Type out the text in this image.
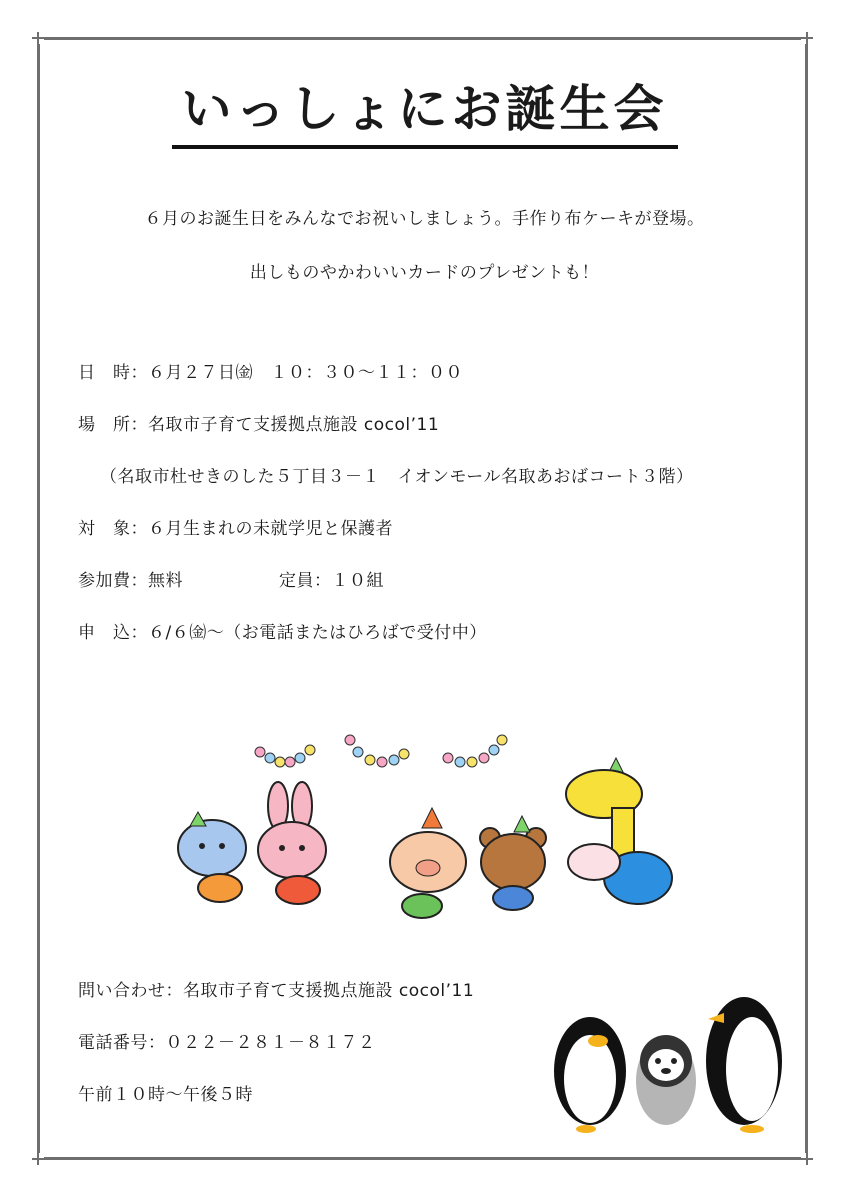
いっしょにお誕生会
６月のお誕生日をみんなでお祝いしましょう。手作り布ケーキが登場。
出しものやかわいいカードのプレゼントも！
日　時：６月２７日㈮　１０：３０～１１：００
場　所：名取市子育て支援拠点施設 cocol’11
（名取市杜せきのした５丁目３－１　イオンモール名取あおばコート３階）
対　象：６月生まれの未就学児と保護者
参加費：無料	定員：１０組
申　込：６/６㈮～（お電話またはひろばで受付中）
問い合わせ：名取市子育て支援拠点施設 cocol’11
電話番号：０２２－２８１－８１７２
午前１０時～午後５時
